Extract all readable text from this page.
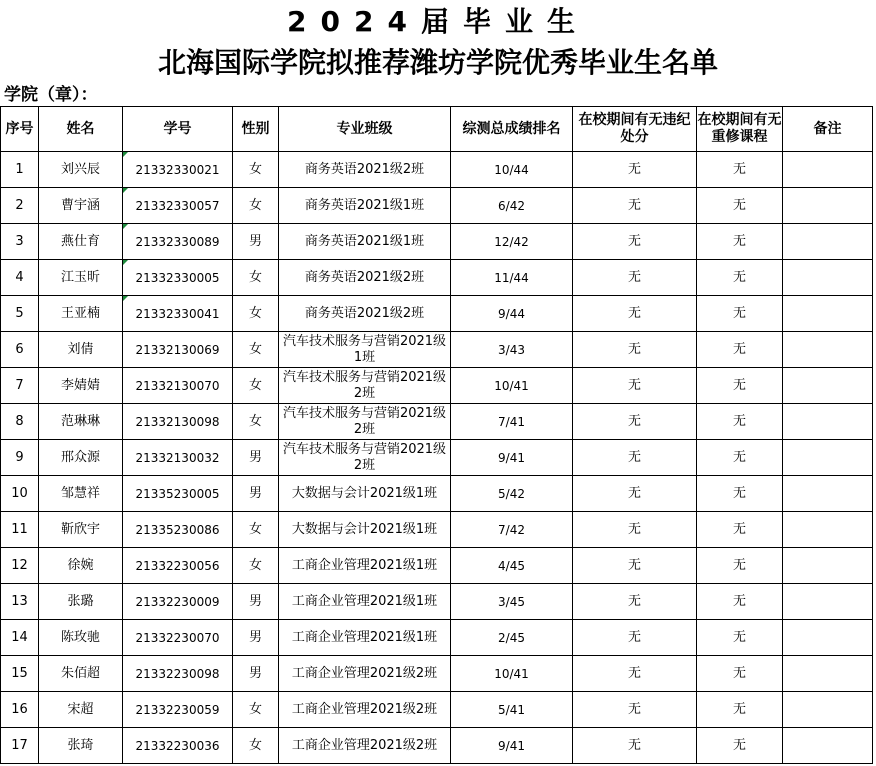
2024届毕业生
北海国际学院拟推荐潍坊学院优秀毕业生名单
学院（章）：
序号	姓名	学号	性别	专业班级	综测总成绩排名	在校期间有无违纪处分	在校期间有无重修课程	备注
1	刘兴辰	21332330021	女	商务英语2021级2班	10/44	无	无	
2	曹宇涵	21332330057	女	商务英语2021级1班	6/42	无	无	
3	燕仕育	21332330089	男	商务英语2021级1班	12/42	无	无	
4	江玉昕	21332330005	女	商务英语2021级2班	11/44	无	无	
5	王亚楠	21332330041	女	商务英语2021级2班	9/44	无	无	
6	刘倩	21332130069	女	汽车技术服务与营销2021级1班	3/43	无	无	
7	李婧婧	21332130070	女	汽车技术服务与营销2021级2班	10/41	无	无	
8	范琳琳	21332130098	女	汽车技术服务与营销2021级2班	7/41	无	无	
9	邢众源	21332130032	男	汽车技术服务与营销2021级2班	9/41	无	无	
10	邹慧祥	21335230005	男	大数据与会计2021级1班	5/42	无	无	
11	靳欣宇	21335230086	女	大数据与会计2021级1班	7/42	无	无	
12	徐婉	21332230056	女	工商企业管理2021级1班	4/45	无	无	
13	张璐	21332230009	男	工商企业管理2021级1班	3/45	无	无	
14	陈玫驰	21332230070	男	工商企业管理2021级1班	2/45	无	无	
15	朱佰超	21332230098	男	工商企业管理2021级2班	10/41	无	无	
16	宋超	21332230059	女	工商企业管理2021级2班	5/41	无	无	
17	张琦	21332230036	女	工商企业管理2021级2班	9/41	无	无	
